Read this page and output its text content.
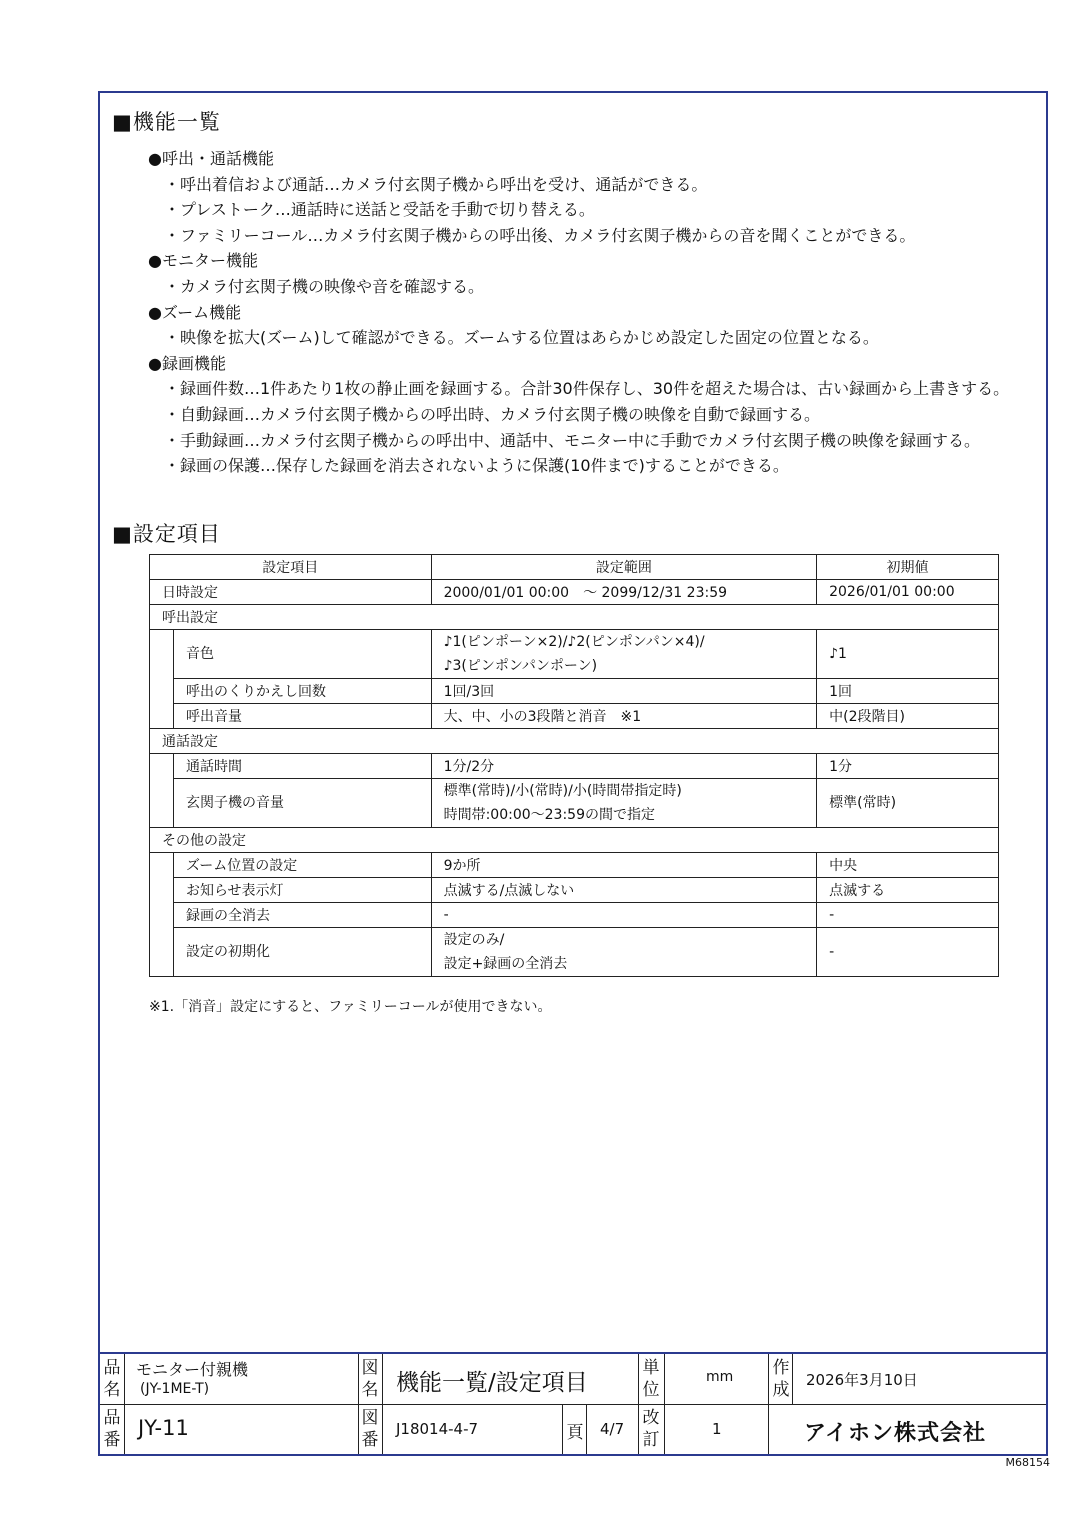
■機能一覧
●呼出・通話機能
・呼出着信および通話…カメラ付玄関子機から呼出を受け、通話ができる。
・プレストーク…通話時に送話と受話を手動で切り替える。
・ファミリーコール…カメラ付玄関子機からの呼出後、カメラ付玄関子機からの音を聞くことができる。
●モニター機能
・カメラ付玄関子機の映像や音を確認する。
●ズーム機能
・映像を拡大(ズーム)して確認ができる。ズームする位置はあらかじめ設定した固定の位置となる。
●録画機能
・録画件数…1件あたり1枚の静止画を録画する。合計30件保存し、30件を超えた場合は、古い録画から上書きする。
・自動録画…カメラ付玄関子機からの呼出時、カメラ付玄関子機の映像を自動で録画する。
・手動録画…カメラ付玄関子機からの呼出中、通話中、モニター中に手動でカメラ付玄関子機の映像を録画する。
・録画の保護…保存した録画を消去されないように保護(10件まで)することができる。
■設定項目
設定項目		設定範囲	初期値
日時設定		2000/01/01 00:00　～ 2099/12/31 23:59	2026/01/01 00:00
呼出設定			
	音色	♪1(ピンポーン×2)/♪2(ピンポンパン×4)/
♪3(ピンポンパンポーン)	♪1
	呼出のくりかえし回数	1回/3回	1回
	呼出音量	大、中、小の3段階と消音　※1	中(2段階目)
通話設定			
	通話時間	1分/2分	1分
	玄関子機の音量	標準(常時)/小(常時)/小(時間帯指定時)
時間帯:00:00～23:59の間で指定	標準(常時)
その他の設定			
	ズーム位置の設定	9か所	中央
	お知らせ表示灯	点滅する/点滅しない	点滅する
	録画の全消去	-	-
	設定の初期化	設定のみ/
設定+録画の全消去	-
※1.「消音」設定にすると、ファミリーコールが使用できない。
品名
モニター付親機
(JY-1ME-T)
図名 機能一覧/設定項目
単位
mm 作成 2026年3月10日
品番 JY-11	図番
J18014-4-7	頁 4/7
改訂
1	アイホン株式会社
M68154
